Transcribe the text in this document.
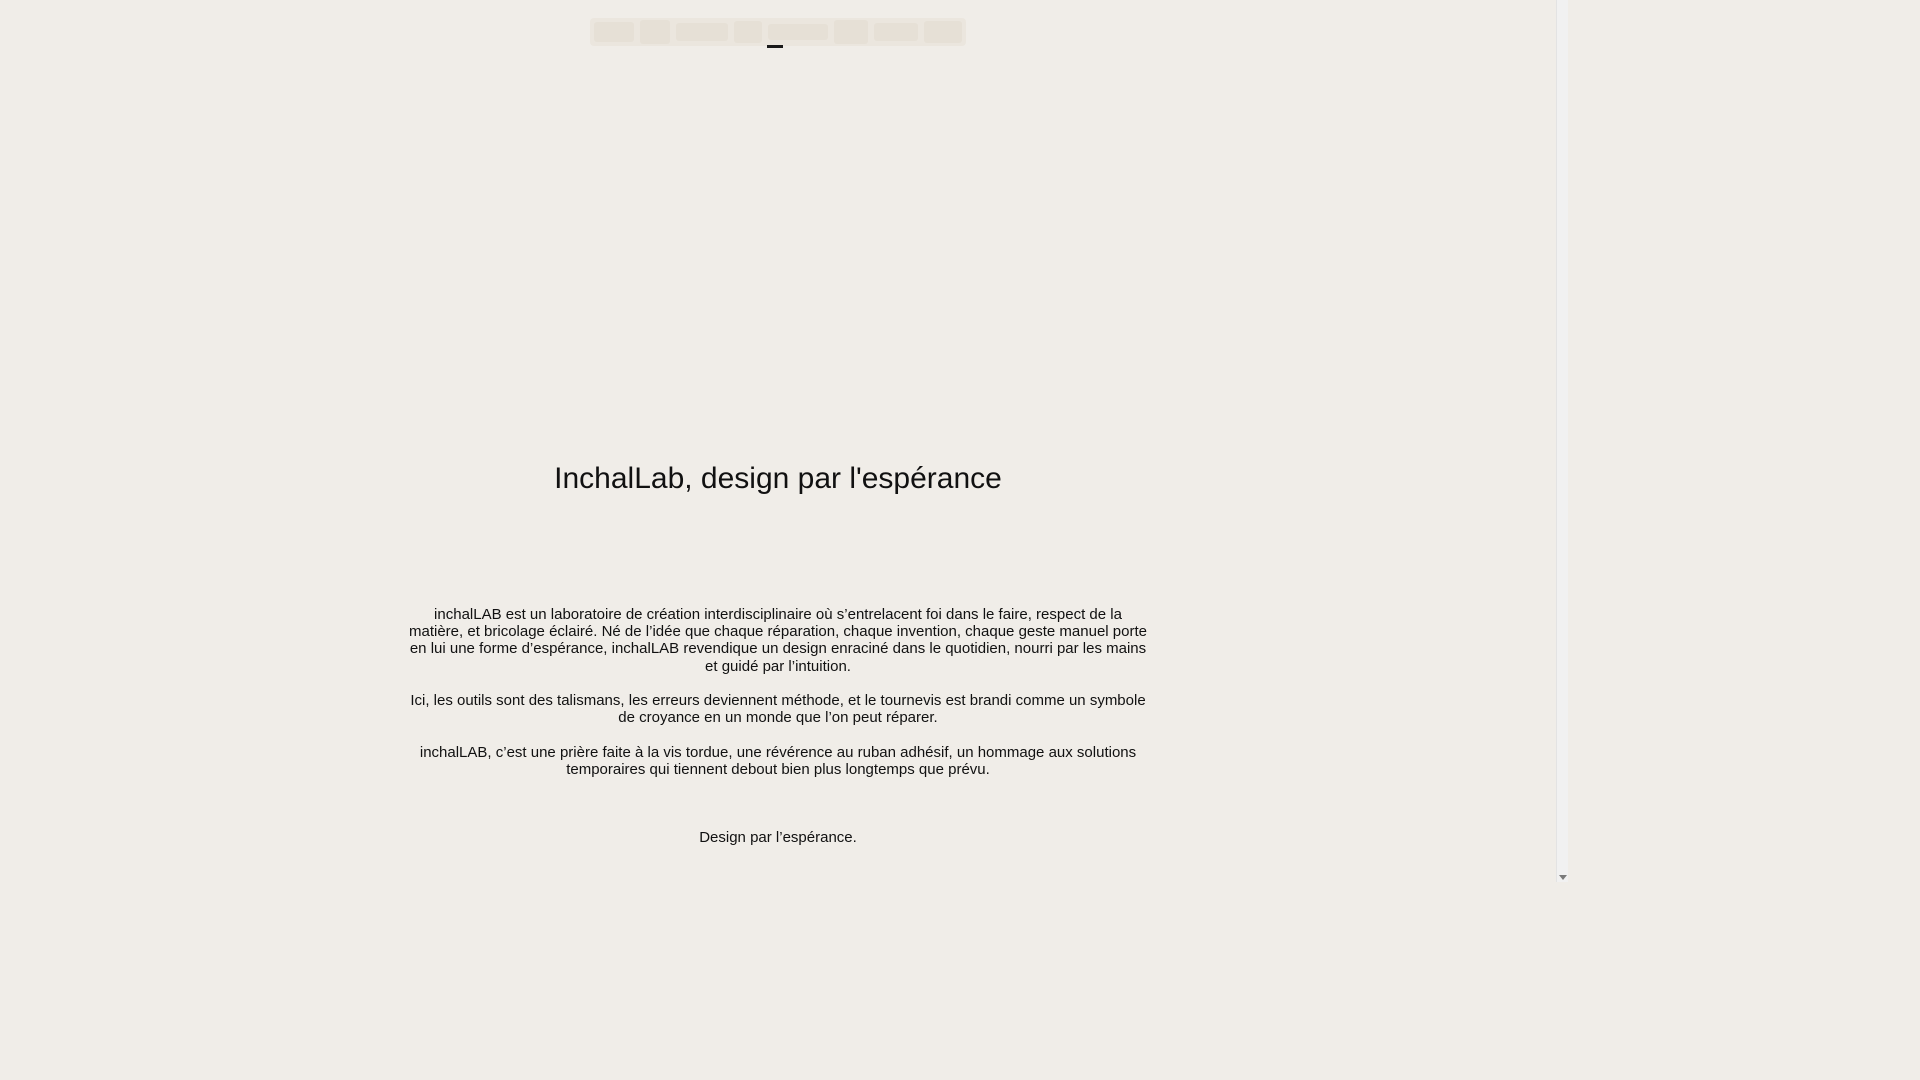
InchalLab, design par l'espérance

inchalLAB est un laboratoire de création interdisciplinaire où s’entrelacent foi dans le faire, respect de la matière, et bricolage éclairé. Né de l’idée que chaque réparation, chaque invention, chaque geste manuel porte en lui une forme d’espérance, inchalLAB revendique un design enraciné dans le quotidien, nourri par les mains et guidé par l’intuition.

Ici, les outils sont des talismans, les erreurs deviennent méthode, et le tournevis est brandi comme un symbole de croyance en un monde que l’on peut réparer.

inchalLAB, c’est une prière faite à la vis tordue, une révérence au ruban adhésif, un hommage aux solutions temporaires qui tiennent debout bien plus longtemps que prévu.

Design par l’espérance.
